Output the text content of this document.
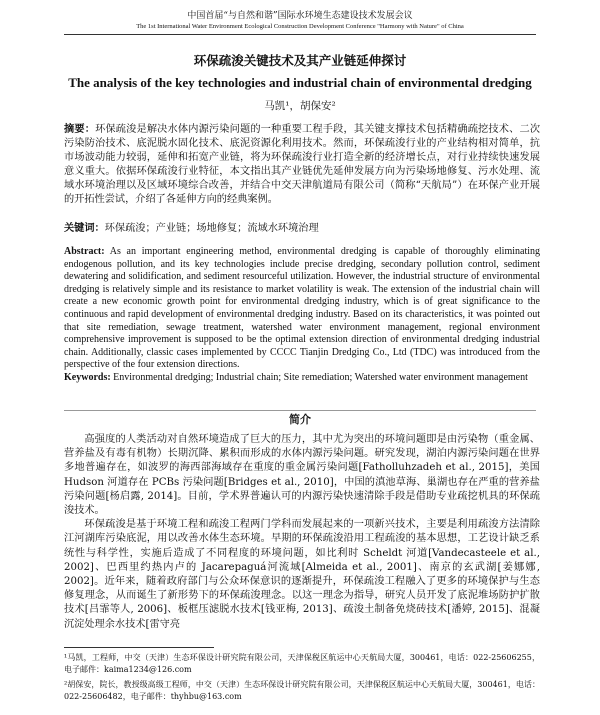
中国首届“与自然和谐”国际水环境生态建设技术发展会议
The 1st International Water Environment Ecological Construction Development Conference "Harmony with Nature" of China
环保疏浚关键技术及其产业链延伸探讨
The analysis of the key technologies and industrial chain of environmental dredging
马凯¹，胡保安²
摘要：环保疏浚是解决水体内源污染问题的一种重要工程手段，其关键支撑技术包括精确疏挖技术、二次污染防治技术、底泥脱水固化技术、底泥资源化利用技术。然而，环保疏浚行业的产业结构相对简单，抗市场波动能力较弱，延伸和拓宽产业链，将为环保疏浚行业打造全新的经济增长点，对行业持续快速发展意义重大。依据环保疏浚行业特征，本文指出其产业链优先延伸发展方向为污染场地修复、污水处理、流域水环境治理以及区域环境综合改善，并结合中交天津航道局有限公司（简称“天航局”）在环保产业开展的开拓性尝试，介绍了各延伸方向的经典案例。
关键词：环保疏浚；产业链；场地修复；流域水环境治理
Abstract: As an important engineering method, environmental dredging is capable of thoroughly eliminating endogenous pollution, and its key technologies include precise dredging, secondary pollution control, sediment dewatering and solidification, and sediment resourceful utilization. However, the industrial structure of environmental dredging is relatively simple and its resistance to market volatility is weak. The extension of the industrial chain will create a new economic growth point for environmental dredging industry, which is of great significance to the continuous and rapid development of environmental dredging industry. Based on its characteristics, it was pointed out that site remediation, sewage treatment, watershed water environment management, regional environment comprehensive improvement is supposed to be the optimal extension direction of environmental dredging industrial chain. Additionally, classic cases implemented by CCCC Tianjin Dredging Co., Ltd (TDC) was introduced from the perspective of the four extension directions.
Keywords: Environmental dredging; Industrial chain; Site remediation; Watershed water environment management
简介

高强度的人类活动对自然环境造成了巨大的压力，其中尤为突出的环境问题即是由污染物（重金属、营养盐及有毒有机物）长期沉降、累积而形成的水体内源污染问题。研究发现，湖泊内源污染问题在世界多地普遍存在，如波罗的海西部海域存在重度的重金属污染问题[Fatholluhzadeh et al., 2015]，美国 Hudson 河道存在 PCBs 污染问题[Bridges et al., 2010]，中国的滇池草海、巢湖也存在严重的营养盐污染问题[杨启露, 2014]。目前，学术界普遍认可的内源污染快速清除手段是借助专业疏挖机具的环保疏浚技术。

环保疏浚是基于环境工程和疏浚工程两门学科而发展起来的一项新兴技术，主要是利用疏浚方法清除江河湖库污染底泥，用以改善水体生态环境。早期的环保疏浚沿用工程疏浚的基本思想，工艺设计缺乏系统性与科学性，实施后造成了不同程度的环境问题，如比利时 Scheldt 河道[Vandecasteele et al., 2002]、巴西里约热内卢的 Jacarepaguá河流域[Almeida et al., 2001]、南京的玄武湖[姜娜娜, 2002]。近年来，随着政府部门与公众环保意识的逐渐提升，环保疏浚工程融入了更多的环境保护与生态修复理念，从而诞生了新形势下的环保疏浚理念。以这一理念为指导，研究人员开发了底泥堆场防护扩散技术[吕霏等人, 2006]、板框压滤脱水技术[钱亚梅, 2013]、疏浚土制备免烧砖技术[潘婷, 2015]、混凝沉淀处理余水技术[雷守亮

¹马凯，工程师，中交（天津）生态环保设计研究院有限公司，天津保税区航运中心天航局大厦，300461，电话：022-25606255，电子邮件：kaima1234@126.com

²胡保安，院长，教授级高级工程师，中交（天津）生态环保设计研究院有限公司，天津保税区航运中心天航局大厦，300461，电话：022-25606482，电子邮件：thyhbu@163.com
